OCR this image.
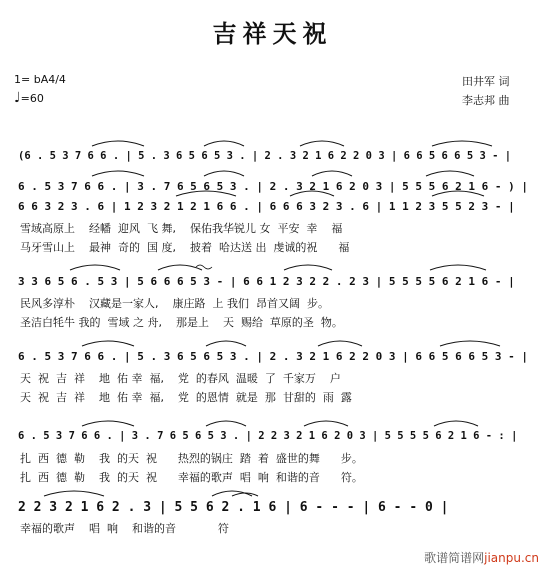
吉祥天祝
1= bA4/4
♩=60
田井军 词
李志邦 曲
(6 . 5 3 7 6 6 . | 5 . 3 6 5 6 5 3 . | 2 . 3 2 1 6 2 2 0 3 | 6 6 5 6 6 5 3 - |
6 . 5 3 7 6 6 . | 3 . 7 6 5 6 5 3 . | 2 . 3 2 1 6 2 0 3 | 5 5 5 6 2 1 6 - ) |
6 6 3 2 3 . 6 | 1 2 3 2 1 2 1 6 6 . | 6 6 6 3 2 3 . 6 | 1 1 2 3 5 5 2 3 - |
雪域高原上    经幡  迎风  飞 舞,    保佑我华锐儿 女  平安  幸    福
马牙雪山上    最神  奇的  国 度,    披着  哈达送 出  虔诚的祝      福
3 3 6 5 6 . 5 3 | 5 6 6 6 5 3 - | 6 6 1 2 3 2 2 . 2 3 | 5 5 5 5 6 2 1 6 - |
民风多淳朴    汉藏是一家人,    康庄路  上 我们  昂首又阔  步。
圣洁白牦牛 我的  雪域 之 舟,    那是上    天  赐给  草原的圣  物。
6 . 5 3 7 6 6 . | 5 . 3 6 5 6 5 3 . | 2 . 3 2 1 6 2 2 0 3 | 6 6 5 6 6 5 3 - |
天  祝  吉  祥    地  佑 幸  福,    党  的春风  温暖  了  千家万    户
天  祝  吉  祥    地  佑 幸  福,    党  的恩情  就是  那  甘甜的  雨  露
6 . 5 3 7 6 6 . | 3 . 7 6 5 6 5 3 . | 2 2 3 2 1 6 2 0 3 | 5 5 5 5 6 2 1 6 - : |
扎  西  德  勒    我  的天  祝      热烈的锅庄  踏  着  盛世的舞      步。
扎  西  德  勒    我  的天  祝      幸福的歌声  唱  响  和谐的音      符。
2 2 3 2 1 6 2 . 3 | 5 5 6 2 . 1 6 | 6 - - - | 6 - - 0 |
幸福的歌声    唱  响    和谐的音            符
歌谱简谱网jianpu.cn
